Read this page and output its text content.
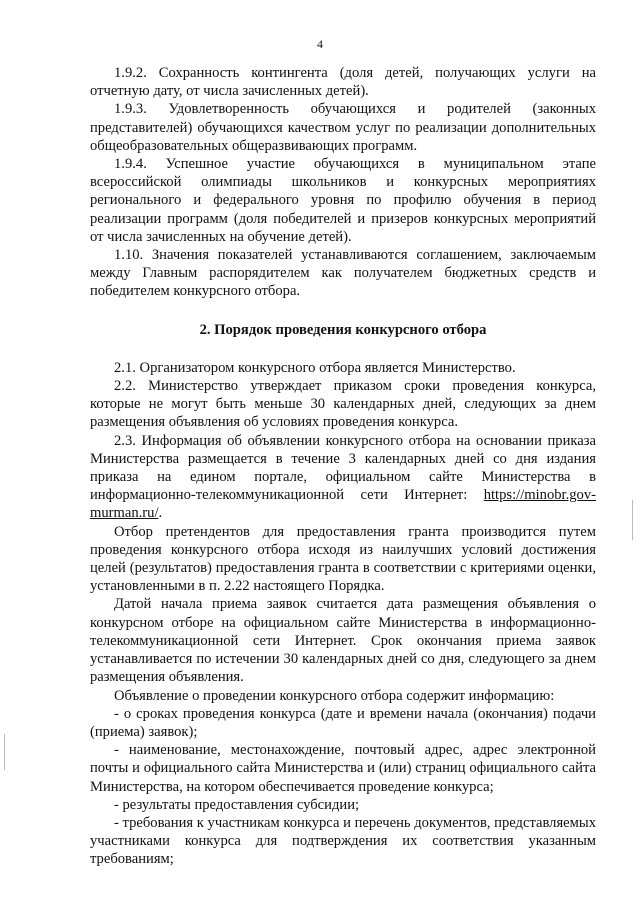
4
1.9.2. Сохранность контингента (доля детей, получающих услуги на отчетную дату, от числа зачисленных детей).
1.9.3. Удовлетворенность обучающихся и родителей (законных представителей) обучающихся качеством услуг по реализации дополнительных общеобразовательных общеразвивающих программ.
1.9.4. Успешное участие обучающихся в муниципальном этапе всероссийской олимпиады школьников и конкурсных мероприятиях регионального и федерального уровня по профилю обучения в период реализации программ (доля победителей и призеров конкурсных мероприятий от числа зачисленных на обучение детей).
1.10. Значения показателей устанавливаются соглашением, заключаемым между Главным распорядителем как получателем бюджетных средств и победителем конкурсного отбора.
2. Порядок проведения конкурсного отбора
2.1. Организатором конкурсного отбора является Министерство.
2.2. Министерство утверждает приказом сроки проведения конкурса, которые не могут быть меньше 30 календарных дней, следующих за днем размещения объявления об условиях проведения конкурса.
2.3. Информация об объявлении конкурсного отбора на основании приказа Министерства размещается в течение 3 календарных дней со дня издания приказа на едином портале, официальном сайте Министерства в информационно-телекоммуникационной сети Интернет: https://minobr.gov-murman.ru/.
Отбор претендентов для предоставления гранта производится путем проведения конкурсного отбора исходя из наилучших условий достижения целей (результатов) предоставления гранта в соответствии с критериями оценки, установленными в п. 2.22 настоящего Порядка.
Датой начала приема заявок считается дата размещения объявления о конкурсном отборе на официальном сайте Министерства в информационно-телекоммуникационной сети Интернет. Срок окончания приема заявок устанавливается по истечении 30 календарных дней со дня, следующего за днем размещения объявления.
Объявление о проведении конкурсного отбора содержит информацию:
- о сроках проведения конкурса (дате и времени начала (окончания) подачи (приема) заявок);
- наименование, местонахождение, почтовый адрес, адрес электронной почты и официального сайта Министерства и (или) страниц официального сайта Министерства, на котором обеспечивается проведение конкурса;
- результаты предоставления субсидии;
- требования к участникам конкурса и перечень документов, представляемых участниками конкурса для подтверждения их соответствия указанным требованиям;
